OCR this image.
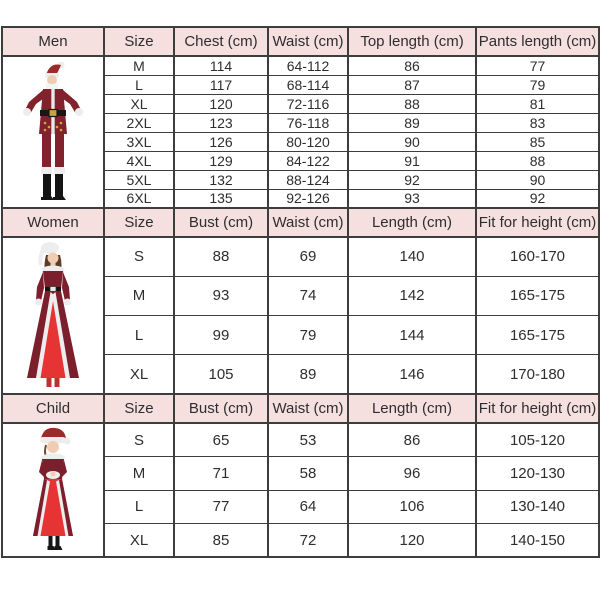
Men	Size	Chest (cm)	Waist (cm)	Top length (cm)	Pants length (cm)

	M	114	64-112	86	77
	L	117	68-114	87	79
	XL	120	72-116	88	81
	2XL	123	76-118	89	83
	3XL	126	80-120	90	85
	4XL	129	84-122	91	88
	5XL	132	88-124	92	90
	6XL	135	92-126	93	92
Women	Size	Bust (cm)	Waist (cm)	Length (cm)	Fit for height (cm)

	S	88	69	140	160-170
	M	93	74	142	165-175
	L	99	79	144	165-175
	XL	105	89	146	170-180
Child	Size	Bust (cm)	Waist (cm)	Length (cm)	Fit for height (cm)

	S	65	53	86	105-120
	M	71	58	96	120-130
	L	77	64	106	130-140
	XL	85	72	120	140-150
